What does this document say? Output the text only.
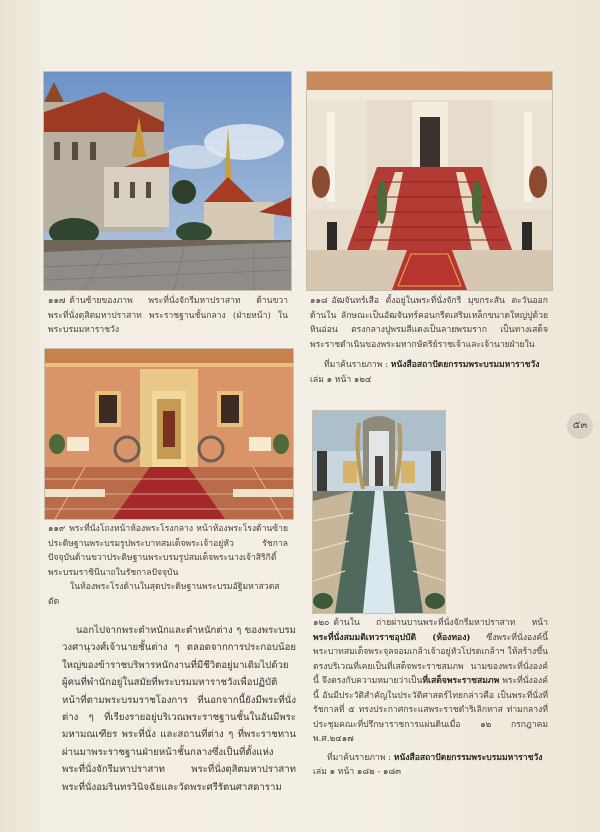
๑๑๗ ด้านซ้ายของภาพ พระที่นั่งจักรีมหาปราสาท ด้านขวาพระที่นั่งดุสิตมหาปราสาท พระราชฐานชั้นกลาง (ฝ่ายหน้า) ในพระบรมมหาราชวัง

๑๑๘ อัฒจันทร์เสือ ตั้งอยู่ในพระที่นั่งจักรี มุขกระสัน ตะวันออก ด้านใน ลักษณะเป็นอัฒจันทร์คอนกรีตเสริมเหล็กขนาดใหญ่ปูด้วยหินอ่อน ตรงกลางปูพรมสีแดงเป็นลายพรมราก เป็นทางเสด็จพระราชดำเนินของพระมหากษัตริย์ราชเจ้าและเจ้านายฝ่ายใน

ที่มาค้นรายภาพ : หนังสือสถาปัตยกรรมพระบรมมหาราชวัง

เล่ม ๑ หน้า ๑๒๔

๑๑๙ พระที่นั่งโถงหน้าห้องพระโรงกลาง หน้าห้องพระโรงด้านซ้ายประดิษฐานพระบรมรูปพระบาทสมเด็จพระเจ้าอยู่หัว รัชกาลปัจจุบันด้านขวาประดิษฐานพระบรมรูปสมเด็จพระนางเจ้าสิริกิติ์ พระบรมราชินีนาถในรัชกาลปัจจุบัน

ในห้องพระโรงด้านในสุดประดิษฐานพระบรมอัฐิมหาสวดสตัด

๑๒๐ ด้านใน ถ่ายผ่านบานพระที่นั่งจักรีมหาปราสาท หน้าพระที่นั่งสมมติเทวราชอุปบัติ (ห้องทอง) ซึ่งพระที่นั่งองค์นี้ พระบาทสมเด็จพระจุลจอมเกล้าเจ้าอยู่หัวโปรดเกล้าฯ ให้สร้างขึ้นตรงบริเวณที่เคยเป็นที่เสด็จพระราชสมภพ นามของพระที่นั่งองค์นี้ จึงตรงกับความหมายว่าเป็นที่เสด็จพระราชสมภพ พระที่นั่งองค์นี้ อันมีประวัติสำคัญในประวัติศาสตร์ไทยกล่าวคือ เป็นพระที่นั่งที่รัชกาลที่ ๕ ทรงประกาศกระแสพระราชดำริเลิกทาส ท่ามกลางที่ประชุมคณะที่ปรึกษาราชการแผ่นดินเมื่อ ๑๒ กรกฎาคม พ.ศ.๒๔๑๗

ที่มาค้นรายภาพ : หนังสือสถาปัตยกรรมพระบรมมหาราชวัง

เล่ม ๑ หน้า ๑๘๒ - ๑๘๓

นอกไปจากพระตำหนักและตำหนักต่าง ๆ ของพระบรมวงศานุวงศ์เจ้านายชั้นต่าง ๆ ตลอดจากการประกอบน้อยใหญ่ของข้าราชบริพารหนักงานที่มีชีวิตอยู่มาเดิมไปด้วยผู้คนที่พำนักอยู่ในสมัยที่พระบรมมหาราชวังเพื่อปฏิบัติหน้าที่ตามพระบรมราชโองการ ที่นอกจากนี้ยังมีพระที่นั่งต่าง ๆ ที่เรียงรายอยู่บริเวณพระราชฐานชั้นในอันมีพระมหามณเฑียร พระที่นั่ง และสถานที่ต่าง ๆ ที่พระราชทานผ่านมาพระราชฐานฝ่ายหน้าชั้นกลางซึ่งเป็นที่ตั้งแห่งพระที่นั่งจักรีมหาปราสาท พระที่นั่งดุสิตมหาปราสาท พระที่นั่งอมรินทรวินิจฉัยและวัดพระศรีรัตนศาสดาราม

๕๓
